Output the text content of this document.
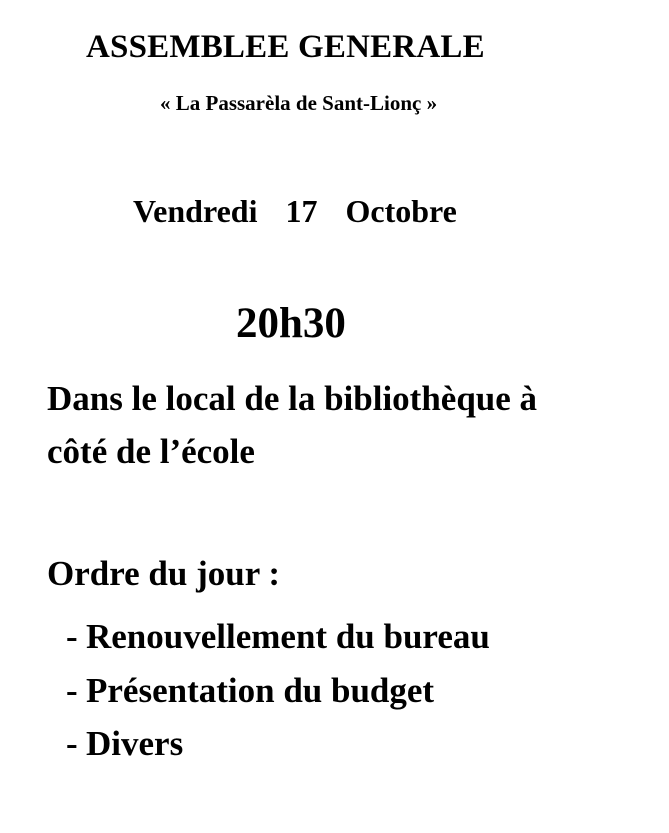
ASSEMBLEE GENERALE

« La Passarèla de Sant-Lionç »

Vendredi  17  Octobre

20h30

Dans le local de la bibliothèque à

côté de l’école

Ordre du jour :

- Renouvellement du bureau
- Présentation du budget
- Divers
